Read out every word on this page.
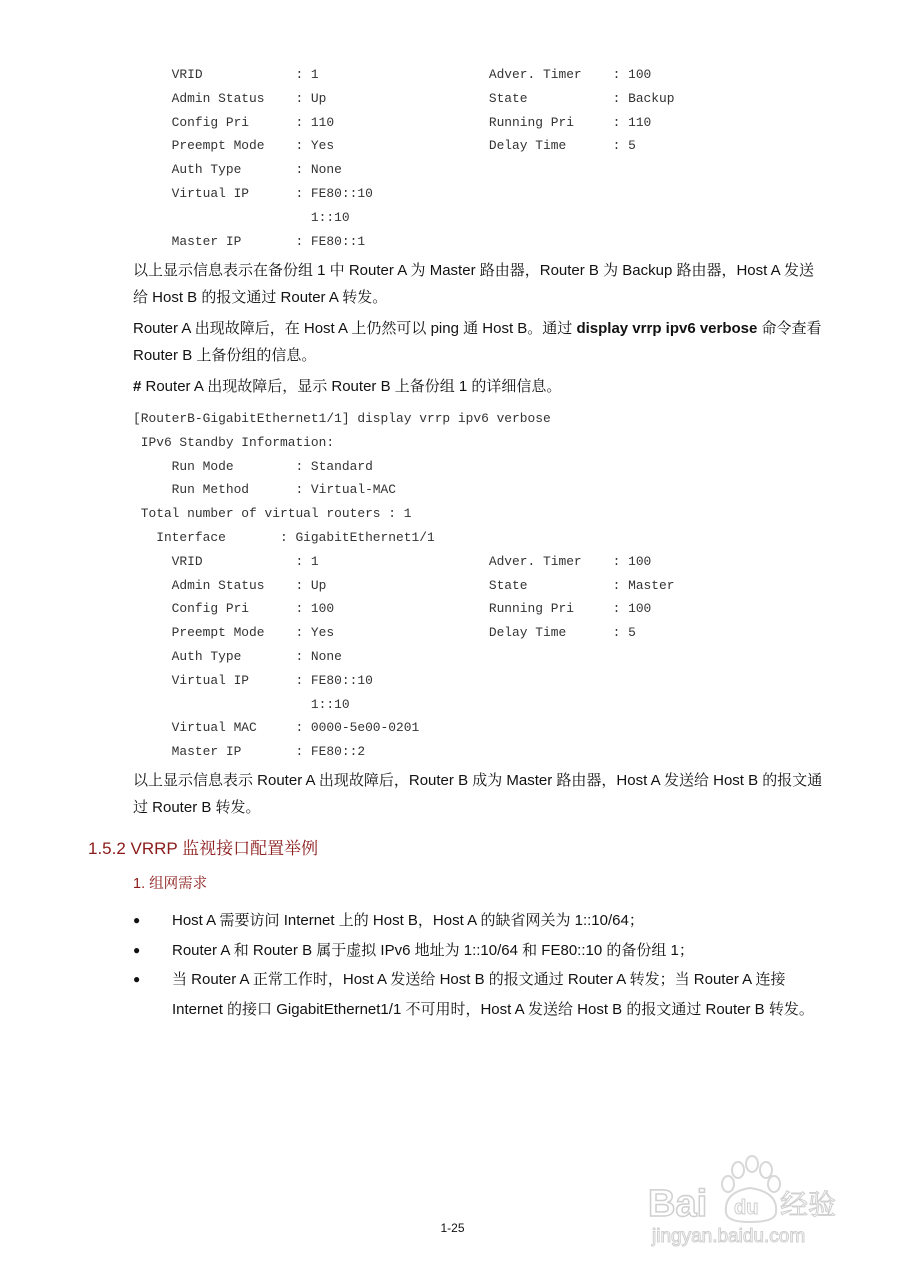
VRID            : 1                      Adver. Timer    : 100
Admin Status    : Up                     State           : Backup
Config Pri      : 110                    Running Pri     : 110
Preempt Mode    : Yes                    Delay Time      : 5
Auth Type       : None
Virtual IP      : FE80::10
1::10
Master IP       : FE80::1
以上显示信息表示在备份组 1 中 Router A 为 Master 路由器，Router B 为 Backup 路由器，Host A 发送给 Host B 的报文通过 Router A 转发。
Router A 出现故障后，在 Host A 上仍然可以 ping 通 Host B。通过 display vrrp ipv6 verbose 命令查看 Router B 上备份组的信息。
# Router A 出现故障后，显示 Router B 上备份组 1 的详细信息。
[RouterB-GigabitEthernet1/1] display vrrp ipv6 verbose
IPv6 Standby Information:
Run Mode        : Standard
Run Method      : Virtual-MAC
Total number of virtual routers : 1
Interface       : GigabitEthernet1/1
VRID            : 1                      Adver. Timer    : 100
Admin Status    : Up                     State           : Master
Config Pri      : 100                    Running Pri     : 100
Preempt Mode    : Yes                    Delay Time      : 5
Auth Type       : None
Virtual IP      : FE80::10
1::10
Virtual MAC     : 0000-5e00-0201
Master IP       : FE80::2
以上显示信息表示 Router A 出现故障后，Router B 成为 Master 路由器，Host A 发送给 Host B 的报文通过 Router B 转发。
1.5.2 VRRP 监视接口配置举例
1. 组网需求
● Host A 需要访问 Internet 上的 Host B，Host A 的缺省网关为 1::10/64；
● Router A 和 Router B 属于虚拟 IPv6 地址为 1::10/64 和 FE80::10 的备份组 1；
● 当 Router A 正常工作时，Host A 发送给 Host B 的报文通过 Router A 转发；当 Router A 连接 Internet 的接口 GigabitEthernet1/1 不可用时，Host A 发送给 Host B 的报文通过 Router B 转发。
Bai du 经验
jingyan.baidu.com
1-25
